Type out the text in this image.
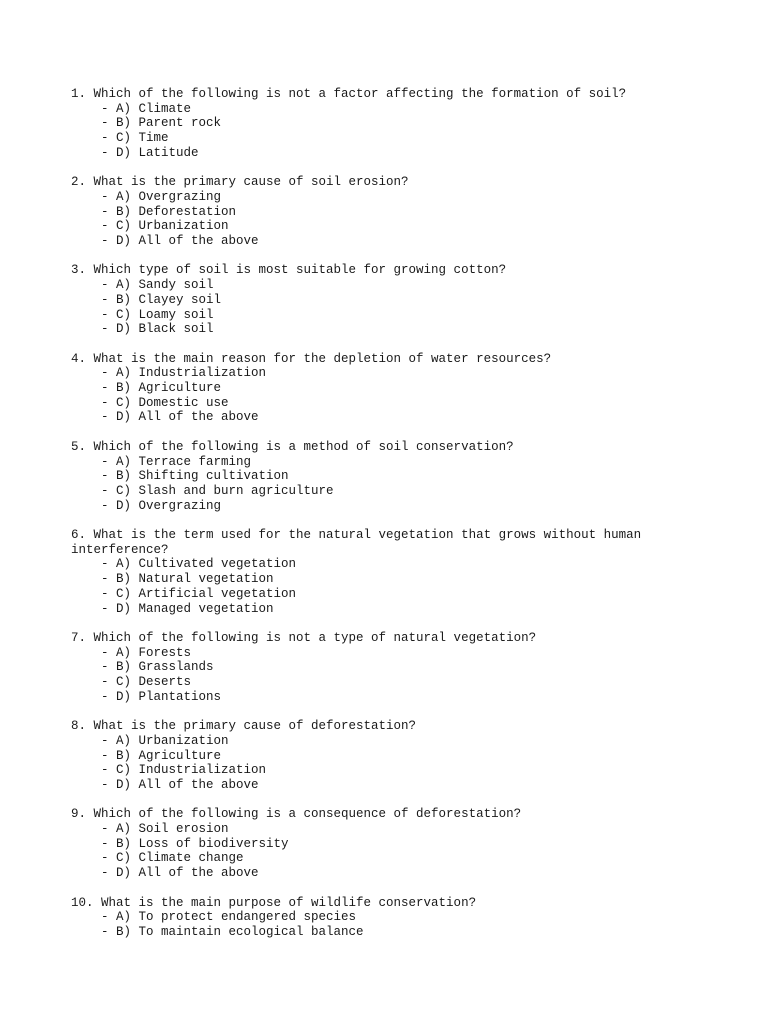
1. Which of the following is not a factor affecting the formation of soil?
- A) Climate
- B) Parent rock
- C) Time
- D) Latitude
2. What is the primary cause of soil erosion?
- A) Overgrazing
- B) Deforestation
- C) Urbanization
- D) All of the above
3. Which type of soil is most suitable for growing cotton?
- A) Sandy soil
- B) Clayey soil
- C) Loamy soil
- D) Black soil
4. What is the main reason for the depletion of water resources?
- A) Industrialization
- B) Agriculture
- C) Domestic use
- D) All of the above
5. Which of the following is a method of soil conservation?
- A) Terrace farming
- B) Shifting cultivation
- C) Slash and burn agriculture
- D) Overgrazing
6. What is the term used for the natural vegetation that grows without human interference?
- A) Cultivated vegetation
- B) Natural vegetation
- C) Artificial vegetation
- D) Managed vegetation
7. Which of the following is not a type of natural vegetation?
- A) Forests
- B) Grasslands
- C) Deserts
- D) Plantations
8. What is the primary cause of deforestation?
- A) Urbanization
- B) Agriculture
- C) Industrialization
- D) All of the above
9. Which of the following is a consequence of deforestation?
- A) Soil erosion
- B) Loss of biodiversity
- C) Climate change
- D) All of the above
10. What is the main purpose of wildlife conservation?
- A) To protect endangered species
- B) To maintain ecological balance
